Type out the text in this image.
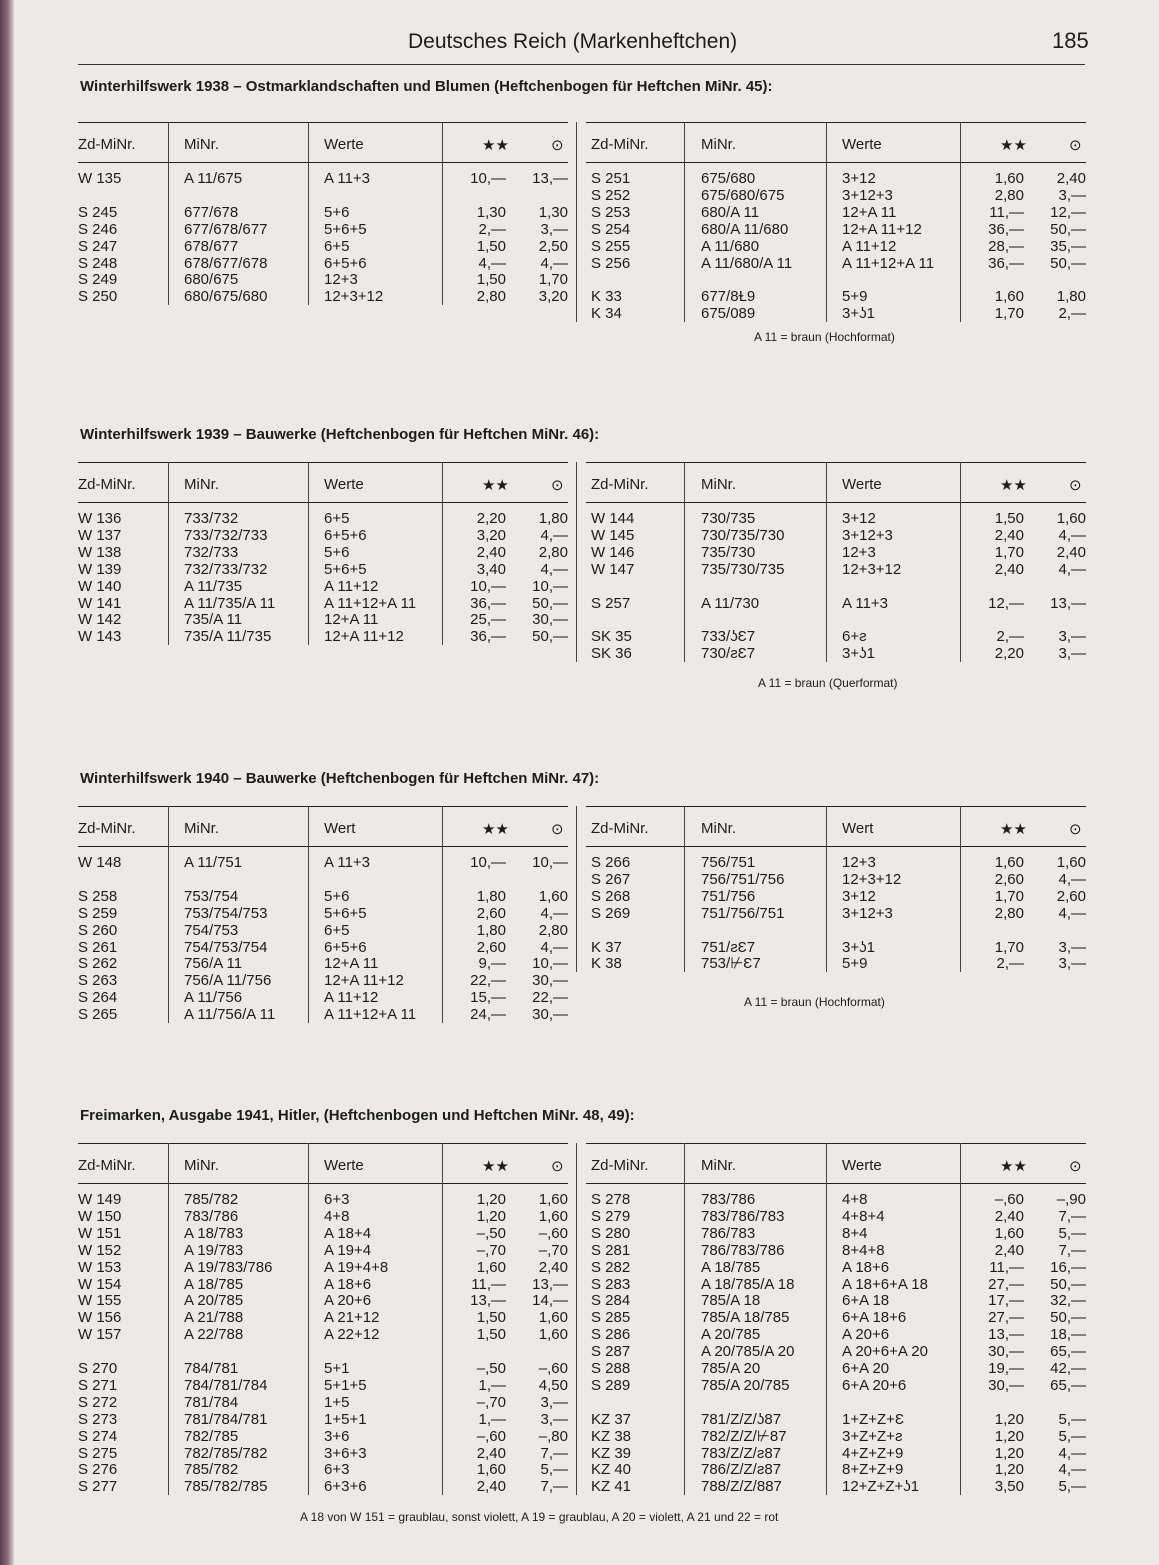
Deutsches Reich (Markenheftchen)	185
Winterhilfswerk 1938 – Ostmarklandschaften und Blumen (Heftchenbogen für Heftchen MiNr. 45):
Zd-MiNr.	MiNr.	Werte	★★	⊙
W 135	A 11/675	A 11+3	10,—	13,—
S 245	677/678	5+6	1,30	1,30
S 246	677/678/677	5+6+5	2,—	3,—
S 247	678/677	6+5	1,50	2,50
S 248	678/677/678	6+5+6	4,—	4,—
S 249	680/675	12+3	1,50	1,70
S 250	680/675/680	12+3+12	2,80	3,20
Zd-MiNr.	MiNr.	Werte	★★	⊙
S 251	675/680	3+12	1,60	2,40
S 252	675/680/675	3+12+3	2,80	3,—
S 253	680/A 11	12+A 11	11,—	12,—
S 254	680/A 11/680	12+A 11+12	36,—	50,—
S 255	A 11/680	A 11+12	28,—	35,—
S 256	A 11/680/A 11	A 11+12+A 11	36,—	50,—
K 33	677/8Ɫ9	5+9	1,60	1,80
K 34	675/089	3+ʖ1	1,70	2,—
A 11 = braun (Hochformat)
Winterhilfswerk 1939 – Bauwerke (Heftchenbogen für Heftchen MiNr. 46):
Zd-MiNr.	MiNr.	Werte	★★	⊙
W 136	733/732	6+5	2,20	1,80
W 137	733/732/733	6+5+6	3,20	4,—
W 138	732/733	5+6	2,40	2,80
W 139	732/733/732	5+6+5	3,40	4,—
W 140	A 11/735	A 11+12	10,—	10,—
W 141	A 11/735/A 11	A 11+12+A 11	36,—	50,—
W 142	735/A 11	12+A 11	25,—	30,—
W 143	735/A 11/735	12+A 11+12	36,—	50,—
Zd-MiNr.	MiNr.	Werte	★★	⊙
W 144	730/735	3+12	1,50	1,60
W 145	730/735/730	3+12+3	2,40	4,—
W 146	735/730	12+3	1,70	2,40
W 147	735/730/735	12+3+12	2,40	4,—
S 257	A 11/730	A 11+3	12,—	13,—
SK 35	733/ʖƐ7	6+ƨ	2,—	3,—
SK 36	730/ƨƐ7	3+ʖ1	2,20	3,—
A 11 = braun (Querformat)
Winterhilfswerk 1940 – Bauwerke (Heftchenbogen für Heftchen MiNr. 47):
Zd-MiNr.	MiNr.	Wert	★★	⊙
W 148	A 11/751	A 11+3	10,—	10,—
S 258	753/754	5+6	1,80	1,60
S 259	753/754/753	5+6+5	2,60	4,—
S 260	754/753	6+5	1,80	2,80
S 261	754/753/754	6+5+6	2,60	4,—
S 262	756/A 11	12+A 11	9,—	10,—
S 263	756/A 11/756	12+A 11+12	22,—	30,—
S 264	A 11/756	A 11+12	15,—	22,—
S 265	A 11/756/A 11	A 11+12+A 11	24,—	30,—
Zd-MiNr.	MiNr.	Wert	★★	⊙
S 266	756/751	12+3	1,60	1,60
S 267	756/751/756	12+3+12	2,60	4,—
S 268	751/756	3+12	1,70	2,60
S 269	751/756/751	3+12+3	2,80	4,—
K 37	751/ƨƐ7	3+ʖ1	1,70	3,—
K 38	753/⊬Ɛ7	5+9	2,—	3,—
A 11 = braun (Hochformat)
Freimarken, Ausgabe 1941, Hitler, (Heftchenbogen und Heftchen MiNr. 48, 49):
Zd-MiNr.	MiNr.	Werte	★★	⊙
W 149	785/782	6+3	1,20	1,60
W 150	783/786	4+8	1,20	1,60
W 151	A 18/783	A 18+4	–,50	–,60
W 152	A 19/783	A 19+4	–,70	–,70
W 153	A 19/783/786	A 19+4+8	1,60	2,40
W 154	A 18/785	A 18+6	11,—	13,—
W 155	A 20/785	A 20+6	13,—	14,—
W 156	A 21/788	A 21+12	1,50	1,60
W 157	A 22/788	A 22+12	1,50	1,60
S 270	784/781	5+1	–,50	–,60
S 271	784/781/784	5+1+5	1,—	4,50
S 272	781/784	1+5	–,70	3,—
S 273	781/784/781	1+5+1	1,—	3,—
S 274	782/785	3+6	–,60	–,80
S 275	782/785/782	3+6+3	2,40	7,—
S 276	785/782	6+3	1,60	5,—
S 277	785/782/785	6+3+6	2,40	7,—
Zd-MiNr.	MiNr.	Werte	★★	⊙
S 278	783/786	4+8	–,60	–,90
S 279	783/786/783	4+8+4	2,40	7,—
S 280	786/783	8+4	1,60	5,—
S 281	786/783/786	8+4+8	2,40	7,—
S 282	A 18/785	A 18+6	11,—	16,—
S 283	A 18/785/A 18	A 18+6+A 18	27,—	50,—
S 284	785/A 18	6+A 18	17,—	32,—
S 285	785/A 18/785	6+A 18+6	27,—	50,—
S 286	A 20/785	A 20+6	13,—	18,—
S 287	A 20/785/A 20	A 20+6+A 20	30,—	65,—
S 288	785/A 20	6+A 20	19,—	42,—
S 289	785/A 20/785	6+A 20+6	30,—	65,—
KZ 37	781/Z/Z/ʖ87	1+Z+Z+Ɛ	1,20	5,—
KZ 38	782/Z/Z/⊬87	3+Z+Z+ƨ	1,20	5,—
KZ 39	783/Z/Z/ƨ87	4+Z+Z+9	1,20	4,—
KZ 40	786/Z/Z/ƨ87	8+Z+Z+9	1,20	4,—
KZ 41	788/Z/Z/887	12+Z+Z+ʖ1	3,50	5,—
A 18 von W 151 = graublau, sonst violett, A 19 = graublau, A 20 = violett, A 21 und 22 = rot
